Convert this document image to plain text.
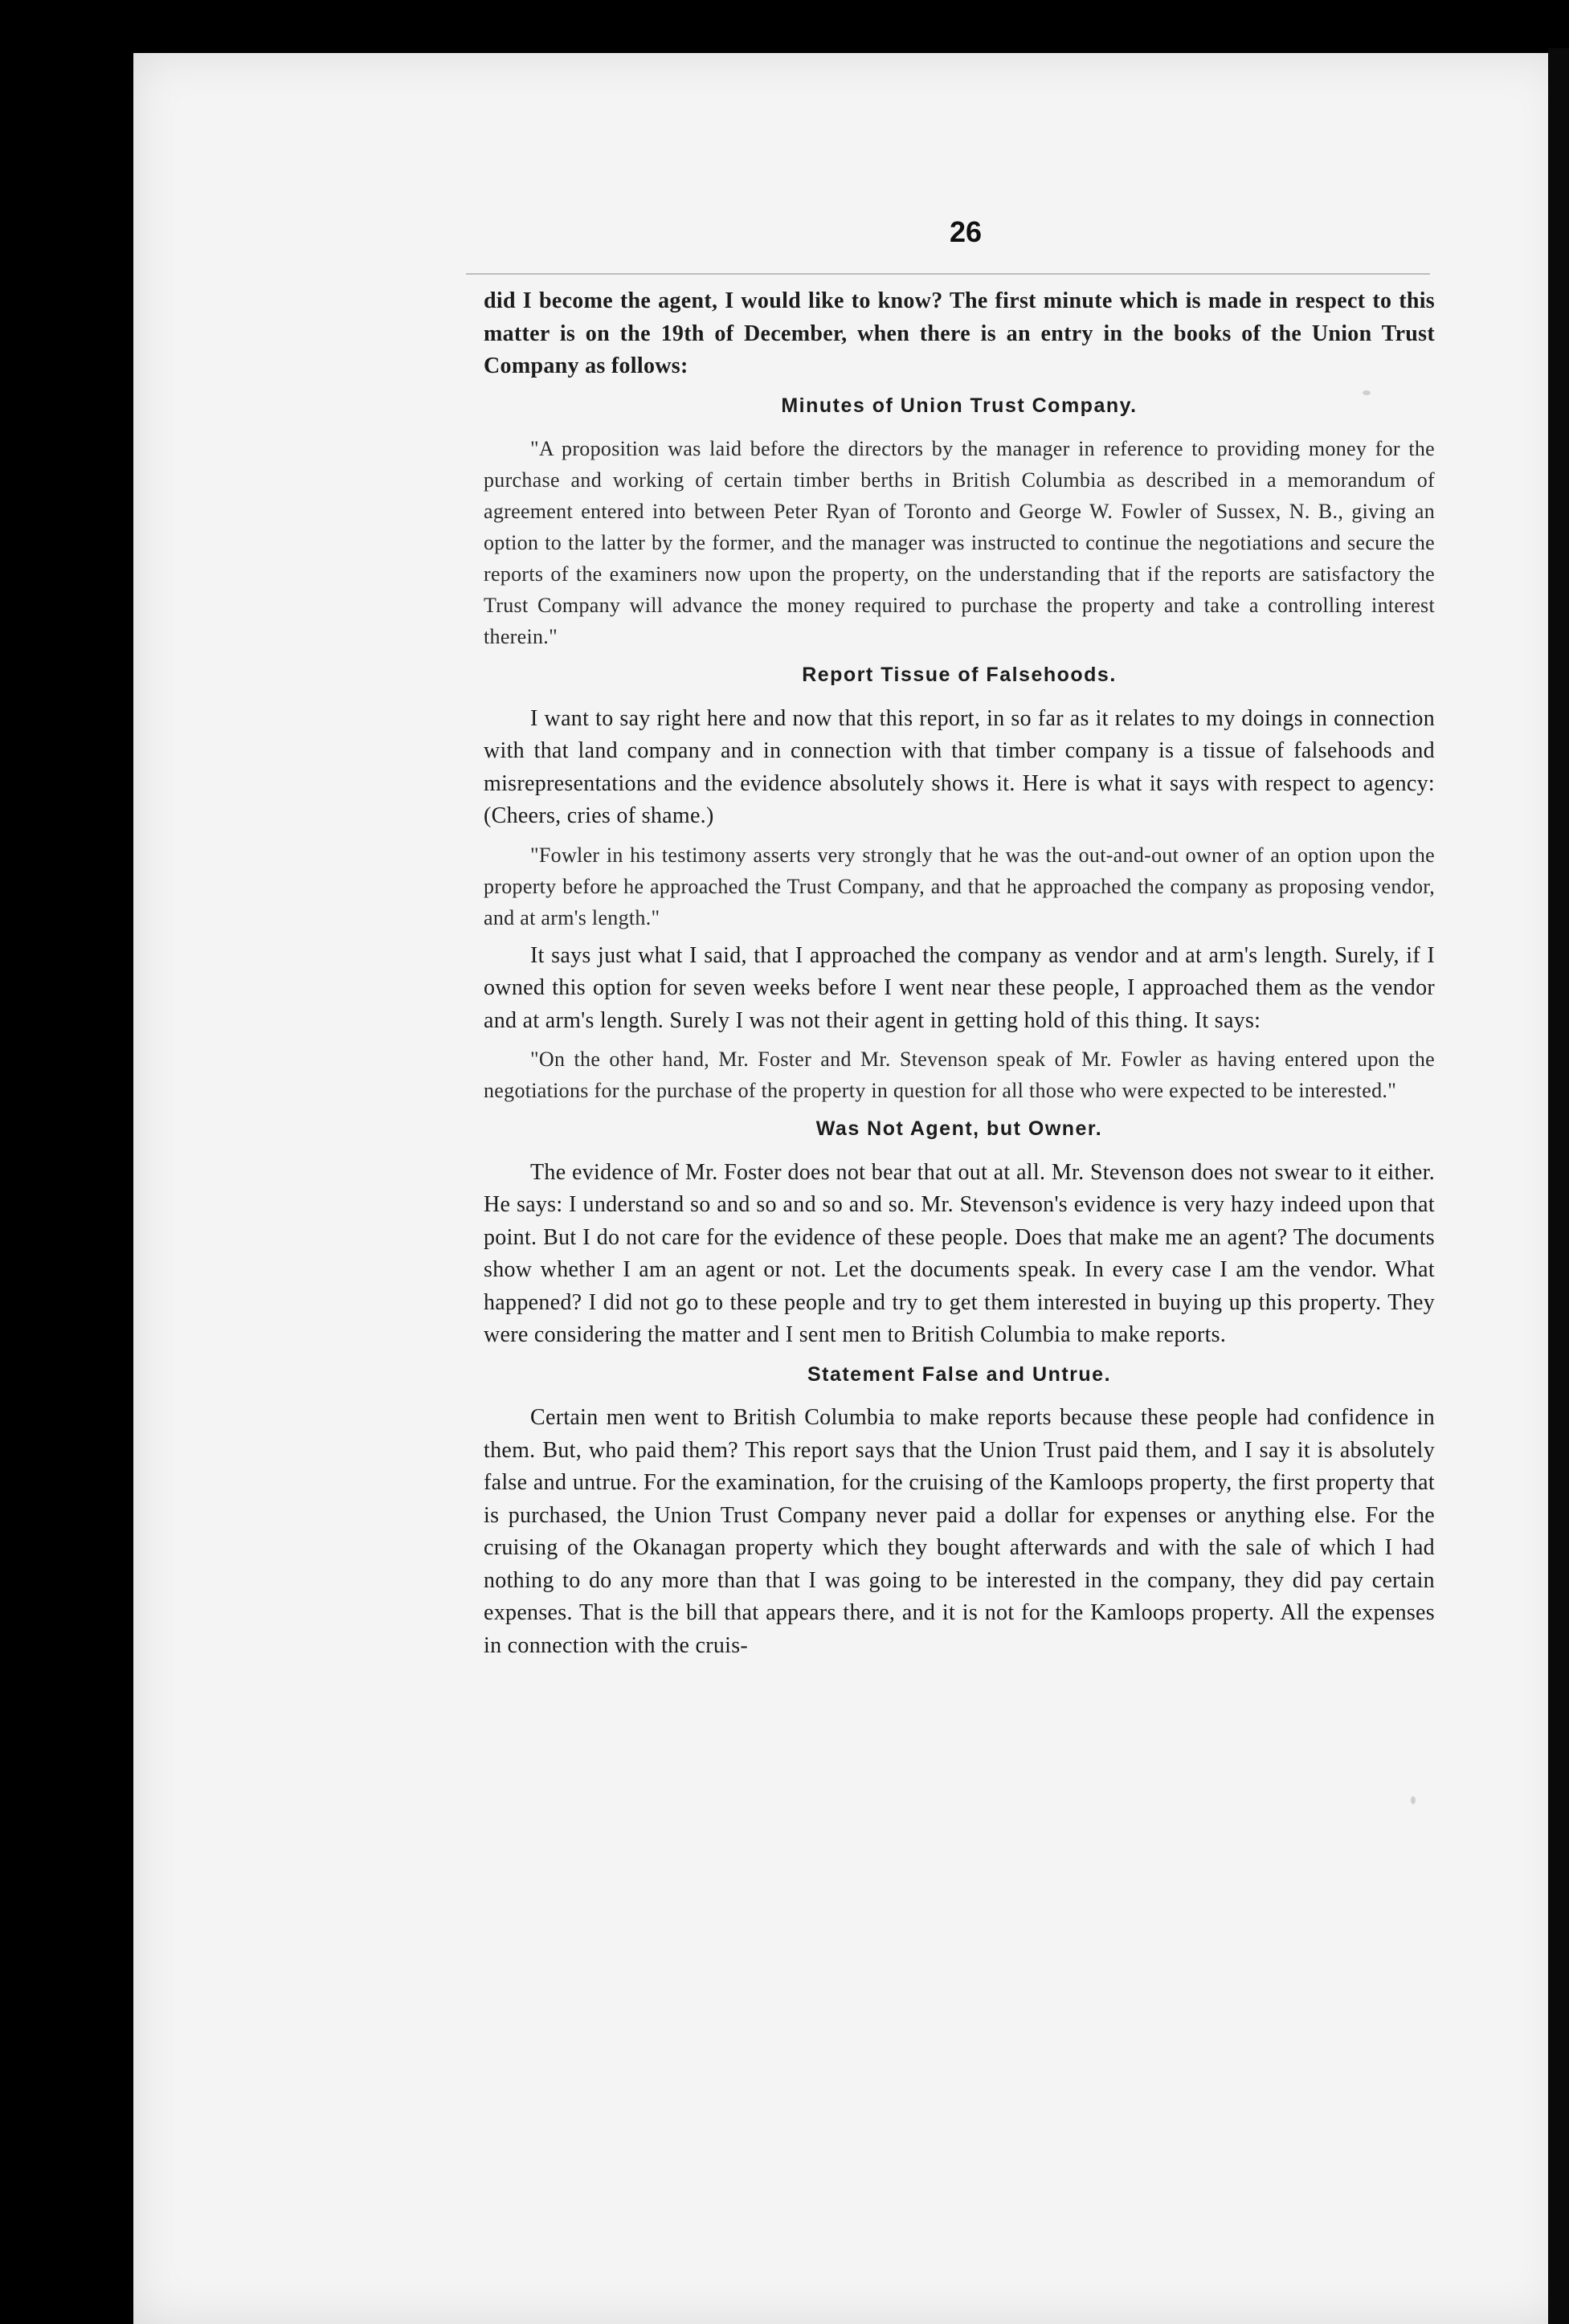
26

did I become the agent, I would like to know? The first minute which is made in respect to this matter is on the 19th of December, when there is an entry in the books of the Union Trust Company as follows:

Minutes of Union Trust Company.

"A proposition was laid before the directors by the manager in reference to providing money for the purchase and working of certain timber berths in British Columbia as described in a memorandum of agreement entered into between Peter Ryan of Toronto and George W. Fowler of Sussex, N. B., giving an option to the latter by the former, and the manager was instructed to continue the negotiations and secure the reports of the examiners now upon the property, on the understanding that if the reports are satisfactory the Trust Company will advance the money required to purchase the property and take a controlling interest therein."

Report Tissue of Falsehoods.

I want to say right here and now that this report, in so far as it relates to my doings in connection with that land company and in connection with that timber company is a tissue of falsehoods and misrepresentations and the evidence absolutely shows it. Here is what it says with respect to agency: (Cheers, cries of shame.)

"Fowler in his testimony asserts very strongly that he was the out-and-out owner of an option upon the property before he approached the Trust Company, and that he approached the company as proposing vendor, and at arm's length."

It says just what I said, that I approached the company as vendor and at arm's length. Surely, if I owned this option for seven weeks before I went near these people, I approached them as the vendor and at arm's length. Surely I was not their agent in getting hold of this thing. It says:

"On the other hand, Mr. Foster and Mr. Stevenson speak of Mr. Fowler as having entered upon the negotiations for the purchase of the property in question for all those who were expected to be interested."

Was Not Agent, but Owner.

The evidence of Mr. Foster does not bear that out at all. Mr. Stevenson does not swear to it either. He says: I understand so and so and so and so. Mr. Stevenson's evidence is very hazy indeed upon that point. But I do not care for the evidence of these people. Does that make me an agent? The documents show whether I am an agent or not. Let the documents speak. In every case I am the vendor. What happened? I did not go to these people and try to get them interested in buying up this property. They were considering the matter and I sent men to British Columbia to make reports.

Statement False and Untrue.

Certain men went to British Columbia to make reports because these people had confidence in them. But, who paid them? This report says that the Union Trust paid them, and I say it is absolutely false and untrue. For the examination, for the cruising of the Kamloops property, the first property that is purchased, the Union Trust Company never paid a dollar for expenses or anything else. For the cruising of the Okanagan property which they bought afterwards and with the sale of which I had nothing to do any more than that I was going to be interested in the company, they did pay certain expenses. That is the bill that appears there, and it is not for the Kamloops property. All the expenses in connection with the cruis-
